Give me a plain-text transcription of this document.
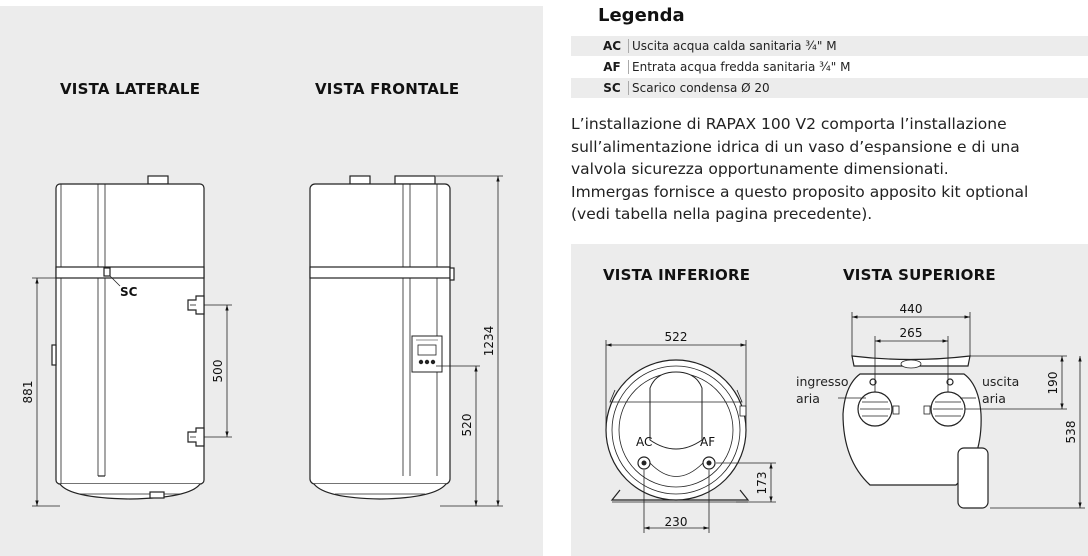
Legenda
AC Uscita acqua calda sanitaria ¾" M
AF Entrata acqua fredda sanitaria ¾" M
SC Scarico condensa Ø 20
L’installazione di RAPAX 100 V2 comporta l’installazione
sull’alimentazione idrica di un vaso d’espansione e di una
valvola sicurezza opportunamente dimensionati.
Immergas fornisce a questo proposito apposito kit optional
(vedi tabella nella pagina precedente).
VISTA LATERALE	VISTA FRONTALE
VISTA INFERIORE	VISTA SUPERIORE
SC
881
500
1234
520
522
230
173
AC	AF
440
265
190
538
ingresso
aria
uscita
aria
